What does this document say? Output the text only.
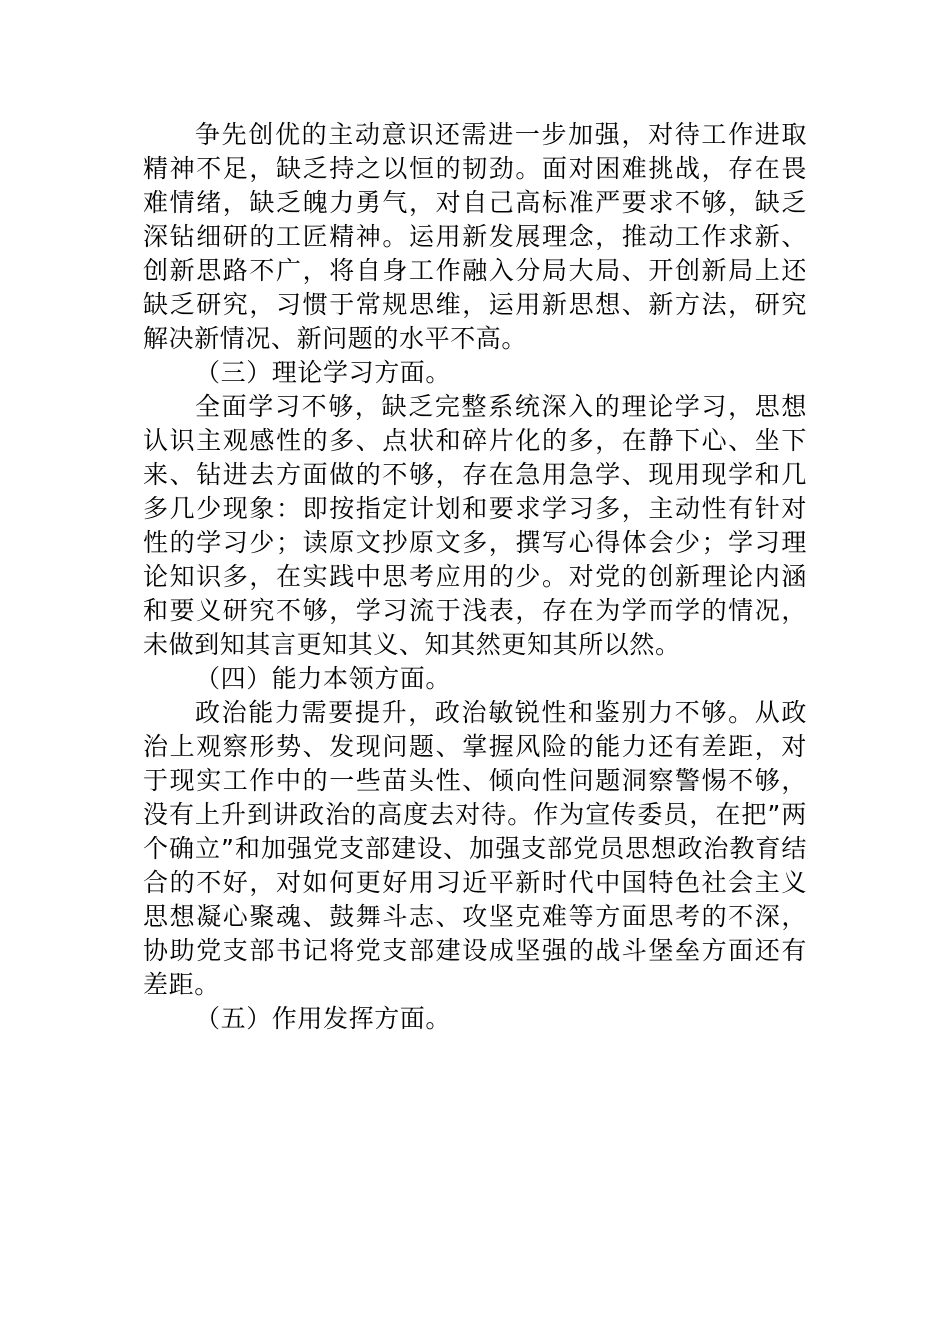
争先创优的主动意识还需进一步加强，对待工作进取精神不足，缺乏持之以恒的韧劲。面对困难挑战，存在畏难情绪，缺乏魄力勇气，对自己高标准严要求不够，缺乏深钻细研的工匠精神。运用新发展理念，推动工作求新、创新思路不广，将自身工作融入分局大局、开创新局上还缺乏研究，习惯于常规思维，运用新思想、新方法，研究解决新情况、新问题的水平不高。

（三）理论学习方面。

全面学习不够，缺乏完整系统深入的理论学习，思想认识主观感性的多、点状和碎片化的多，在静下心、坐下来、钻进去方面做的不够，存在急用急学、现用现学和几多几少现象：即按指定计划和要求学习多，主动性有针对性的学习少；读原文抄原文多，撰写心得体会少；学习理论知识多，在实践中思考应用的少。对党的创新理论内涵和要义研究不够，学习流于浅表，存在为学而学的情况，未做到知其言更知其义、知其然更知其所以然。

（四）能力本领方面。

政治能力需要提升，政治敏锐性和鉴别力不够。从政治上观察形势、发现问题、掌握风险的能力还有差距，对于现实工作中的一些苗头性、倾向性问题洞察警惕不够，没有上升到讲政治的高度去对待。作为宣传委员，在把”两个确立”和加强党支部建设、加强支部党员思想政治教育结合的不好，对如何更好用习近平新时代中国特色社会主义思想凝心聚魂、鼓舞斗志、攻坚克难等方面思考的不深，协助党支部书记将党支部建设成坚强的战斗堡垒方面还有差距。

（五）作用发挥方面。
